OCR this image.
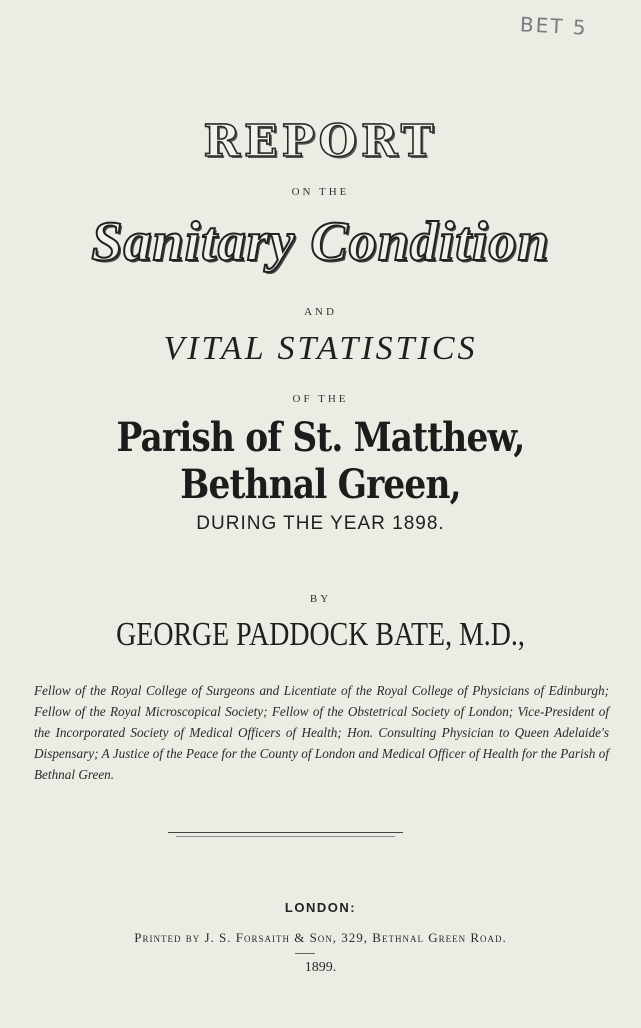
BET 5
REPORT
ON THE
Sanitary Condition
AND
VITAL STATISTICS
OF THE
Parish of St. Matthew, Bethnal Green,
DURING THE YEAR 1898.
BY
GEORGE PADDOCK BATE, M.D.,
Fellow of the Royal College of Surgeons and Licentiate of the Royal College of Physicians of Edinburgh; Fellow of the Royal Microscopical Society; Fellow of the Obstetrical Society of London; Vice-President of the Incorporated Society of Medical Officers of Health; Hon. Consulting Physician to Queen Adelaide's Dispensary; A Justice of the Peace for the County of London and Medical Officer of Health for the Parish of Bethnal Green.
LONDON:
Printed by J. S. Forsaith & Son, 329, Bethnal Green Road.
1899.
